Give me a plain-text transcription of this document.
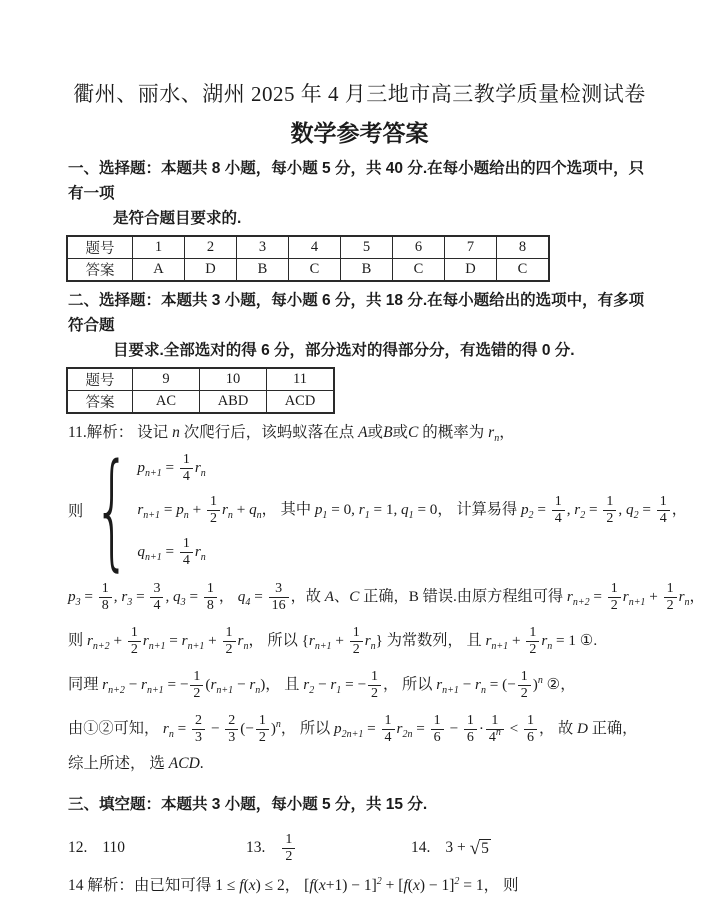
衢州、丽水、湖州 2025 年 4 月三地市高三教学质量检测试卷
数学参考答案
一、选择题：本题共 8 小题，每小题 5 分，共 40 分.在每小题给出的四个选项中，只有一项
是符合题目要求的.
题号	1	2	3	4	5	6	7	8
答案	A	D	B	C	B	C	D	C
二、选择题：本题共 3 小题，每小题 6 分，共 18 分.在每小题给出的选项中，有多项符合题
目要求.全部选对的得 6 分，部分选对的得部分分，有选错的得 0 分.
题号	9	10	11
答案	AC	ABD	ACD
11.解析： 设记 n 次爬行后，该蚂蚁落在点 A或B或C 的概率为 $r_n$，
则 { $p_{n+1} = \frac{1}{4} r_n$
$r_{n+1} = p_n + \frac{1}{2} r_n + q_n$， 其中 $p_1 = 0$, $r_1 = 1$, $q_1 = 0$， 计算易得 $p_2 = \frac{1}{4}$ , $r_2 = \frac{1}{2}$ , $q_2 = \frac{1}{4}$ ，
$q_{n+1} = \frac{1}{4} r_n$
$p_3 = \frac{1}{8}$ , $r_3 = \frac{3}{4}$ , $q_3 = \frac{1}{8}$ ， $q_4 = \frac{3}{16}$ ，故 A、C 正确，B 错误.由原方程组可得 $r_{n+2} = \frac{1}{2} r_{n+1} + \frac{1}{2} r_n$，
则 $r_{n+2} + \frac{1}{2} r_{n+1} = r_{n+1} + \frac{1}{2} r_n$， 所以 $\{r_{n+1} + \frac{1}{2} r_n\}$ 为常数列， 且 $r_{n+1} + \frac{1}{2} r_n = 1$ ①.
同理 $r_{n+2} - r_{n+1}$ = − $\frac{1}{2} (r_{n+1} - r_n)$， 且 $r_2 - r_1$ = − $\frac{1}{2}$ ， 所以 $r_{n+1} - r_n$ = (− $\frac{1}{2} )^n$ ②，
由①②可知， $r_n = \frac{2}{3} - \frac{2}{3}$ (− $\frac{1}{2} )^n$， 所以 $p_{2n+1} = \frac{1}{4} r_{2n} = \frac{1}{6} - \frac{1}{6} \cdot \frac{1}{4^n} < \frac{1}{6}$ ， 故 D 正确，
综上所述， 选 ACD.
三、填空题：本题共 3 小题，每小题 5 分，共 15 分.
12. 110	13. $\frac{1}{2}$	14. 3 + √ 5
14 解析：由已知可得 1 ≤ f(x) ≤ 2， $[f(x+1) - 1]^2 + [f(x) - 1]^2 = 1$， 则
